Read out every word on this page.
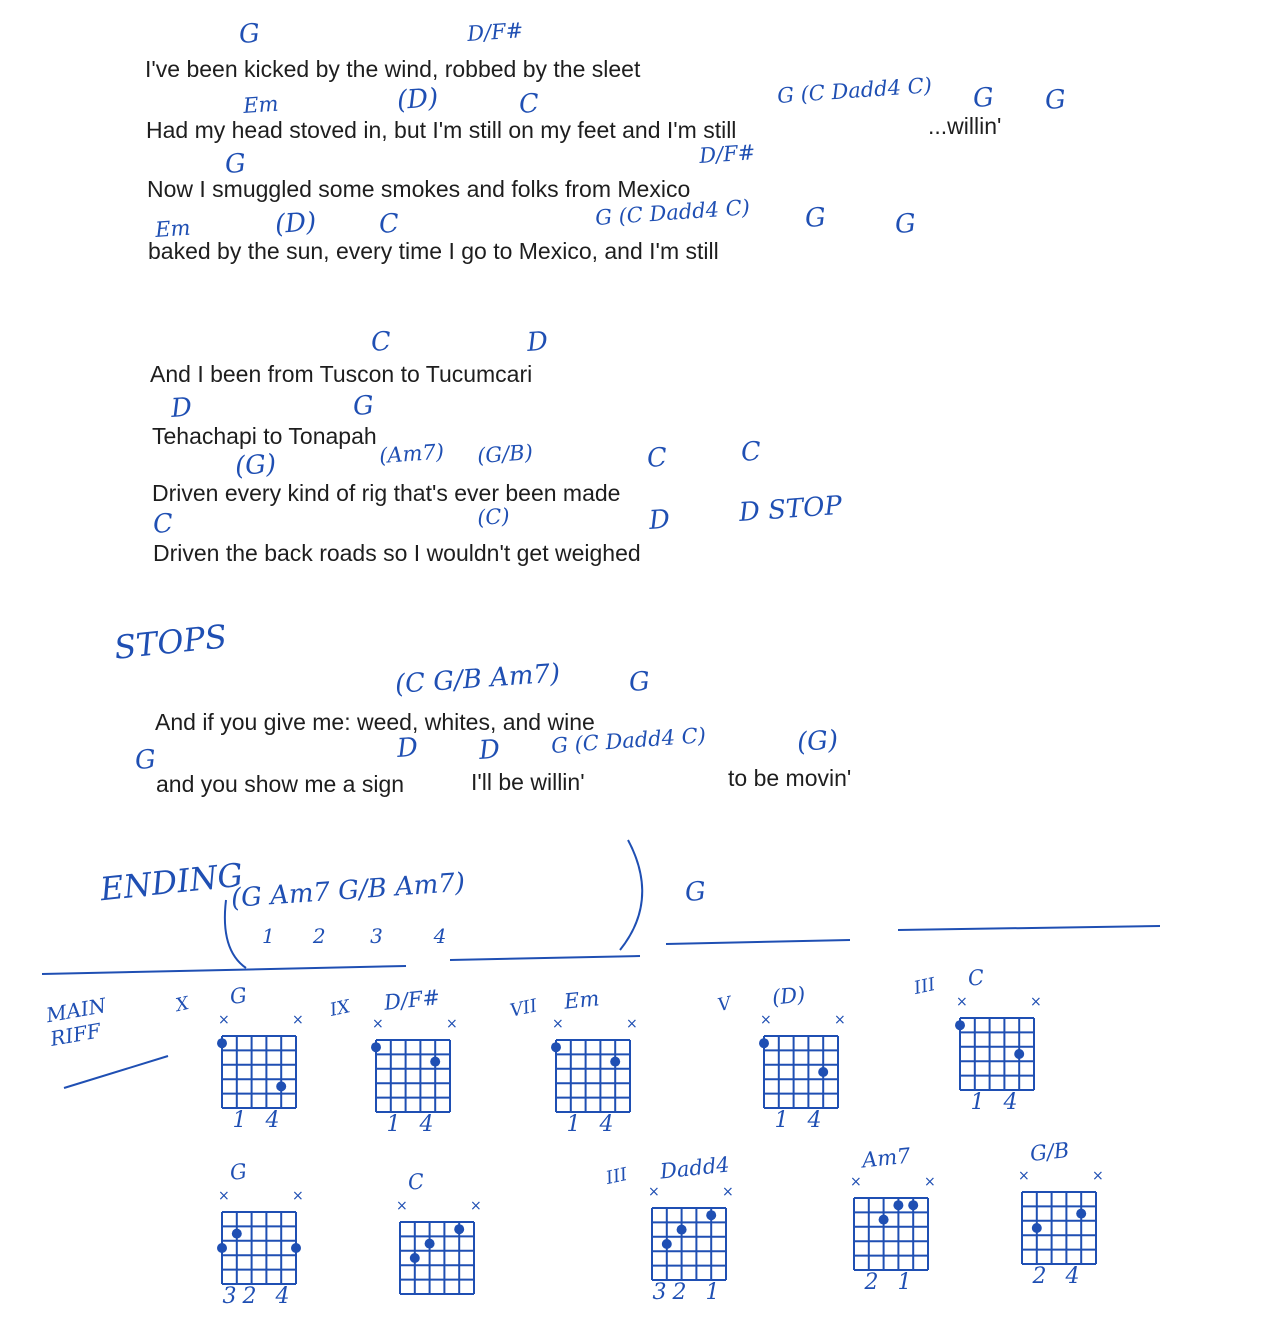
I've been kicked by the wind, robbed by the sleet
Had my head stoved in, but I'm still on my feet and I'm still	...willin'
Now I smuggled some smokes and folks from Mexico
baked by the sun, every time I go to Mexico, and I'm still
And I been from Tuscon to Tucumcari
Tehachapi to Tonapah
Driven every kind of rig that's ever been made
Driven the back roads so I wouldn't get weighed
And if you give me: weed, whites, and wine
and you show me a sign	I'll be willin'	to be movin'
G	D/F#
Em	(D)	C	G (C Dadd4 C) G G
G	D/F#
Em	(D) C	G (C Dadd4 C) G	G
C	D
D	G
(G)	(Am7) (G/B)	C	C
C	(C)	D	D STOP
(C G/B Am7)	G
G	D D G (C Dadd4 C)	(G)
STOPS
ENDING
(G Am7 G/B Am7)	G
1      2       3        4
MAIN
RIFF
G
X
×	×
1 4
D/F#
IX
×	×
1 4
Em
VII
×	×
1 4
(D)
V
×	×
1 4
C
III
×	×
1 4
G
×	×
32 4
C
×	×
Dadd4
III
×	×
32 1
Am7
×	×
2 1
G/B
×	×
2 4
